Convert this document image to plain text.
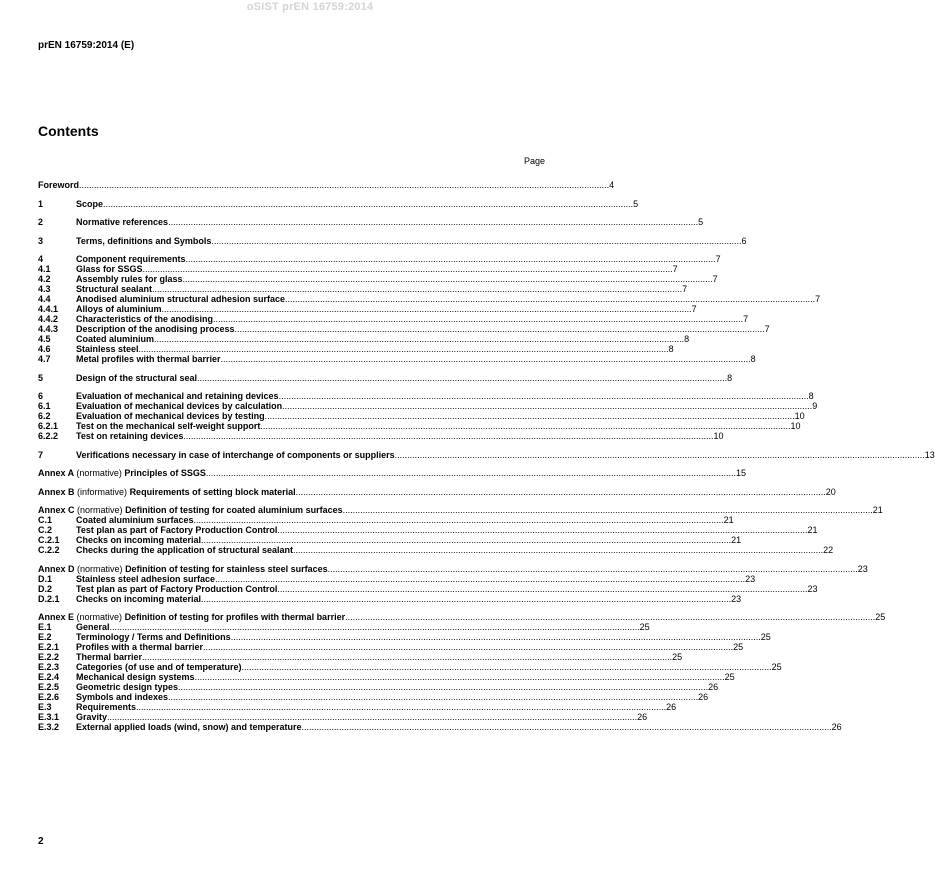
oSIST prEN 16759:2014
prEN 16759:2014 (E)
Contents
Page
Foreword .....	4
1	Scope .....	5
2	Normative references .....	5
3	Terms, definitions and Symbols .....	6
4	Component requirements .....	7
4.1	Glass for SSGS .....	7
4.2	Assembly rules for glass .....	7
4.3	Structural sealant .....	7
4.4	Anodised aluminium structural adhesion surface .....	7
4.4.1	Alloys of aluminium .....	7
4.4.2	Characteristics of the anodising .....	7
4.4.3	Description of the anodising process .....	7
4.5	Coated aluminium .....	8
4.6	Stainless steel .....	8
4.7	Metal profiles with thermal barrier .....	8
5	Design of the structural seal .....	8
6	Evaluation of mechanical and retaining devices .....	8
6.1	Evaluation of mechanical devices by calculation .....	9
6.2	Evaluation of mechanical devices by testing .....	10
6.2.1	Test on the mechanical self-weight support .....	10
6.2.2	Test on retaining devices .....	10
7	Verifications necessary in case of interchange of components or suppliers .....	13
Annex A (normative) Principles of SSGS .....	15
Annex B (informative) Requirements of setting block material .....	20
Annex C (normative) Definition of testing for coated aluminium surfaces .....	21
C.1	Coated aluminium surfaces .....	21
C.2	Test plan as part of Factory Production Control .....	21
C.2.1	Checks on incoming material .....	21
C.2.2	Checks during the application of structural sealant .....	22
Annex D (normative) Definition of testing for stainless steel surfaces .....	23
D.1	Stainless steel adhesion surface .....	23
D.2	Test plan as part of Factory Production Control .....	23
D.2.1	Checks on incoming material .....	23
Annex E (normative) Definition of testing for profiles with thermal barrier .....	25
E.1	General .....	25
E.2	Terminology / Terms and Definitions .....	25
E.2.1	Profiles with a thermal barrier .....	25
E.2.2	Thermal barrier .....	25
E.2.3	Categories (of use and of temperature) .....	25
E.2.4	Mechanical design systems .....	25
E.2.5	Geometric design types .....	26
E.2.6	Symbols and indexes .....	26
E.3	Requirements .....	26
E.3.1	Gravity .....	26
E.3.2	External applied loads (wind, snow) and temperature .....	26
2
